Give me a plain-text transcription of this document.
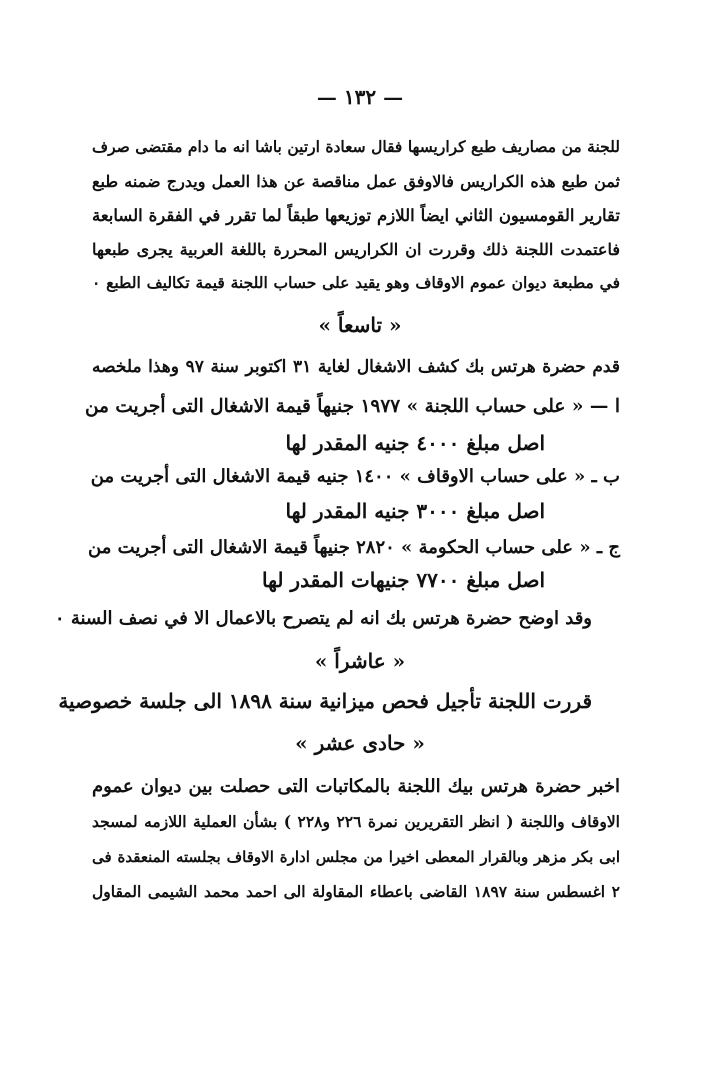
— ١٣٢ —
للجنة من مصاريف طبع كراريسها فقال سعادة ارتين باشا انه ما دام مقتضى صرف
ثمن طبع هذه الكراريس فالاوفق عمل مناقصة عن هذا العمل ويدرج ضمنه طبع
تقارير القومسيون الثاني ايضاً اللازم توزيعها طبقاً لما تقرر في الفقرة السابعة
فاعتمدت اللجنة ذلك وقررت ان الكراريس المحررة باللغة العربية يجرى طبعها
في مطبعة ديوان عموم الاوقاف وهو يقيد على حساب اللجنة قيمة تكاليف الطبع ٠
« تاسعاً »
قدم حضرة هرتس بك كشف الاشغال لغاية ٣١ اكتوبر سنة ٩٧ وهذا ملخصه
ا — « على حساب اللجنة » ١٩٧٧ جنيهاً قيمة الاشغال التى أجريت من
اصل مبلغ ٤٠٠٠ جنيه المقدر لها
ب ـ « على حساب الاوقاف » ١٤٠٠ جنيه قيمة الاشغال التى أجريت من
اصل مبلغ ٣٠٠٠ جنيه المقدر لها
ج ـ « على حساب الحكومة » ٢٨٢٠ جنيهاً قيمة الاشغال التى أجريت من
اصل مبلغ ٧٧٠٠ جنيهات المقدر لها
وقد اوضح حضرة هرتس بك انه لم يتصرح بالاعمال الا في نصف السنة ٠
« عاشراً »
قررت اللجنة تأجيل فحص ميزانية سنة ١٨٩٨ الى جلسة خصوصية
« حادى عشر »
اخبر حضرة هرتس بيك اللجنة بالمكاتبات التى حصلت بين ديوان عموم
الاوقاف واللجنة ( انظر التقريرين نمرة ٢٢٦ و٢٢٨ ) بشأن العملية اللازمه لمسجد
ابى بكر مزهر وبالقرار المعطى اخيرا من مجلس ادارة الاوقاف بجلسته المنعقدة فى
٢ اغسطس سنة ١٨٩٧ القاضى باعطاء المقاولة الى احمد محمد الشيمى المقاول
